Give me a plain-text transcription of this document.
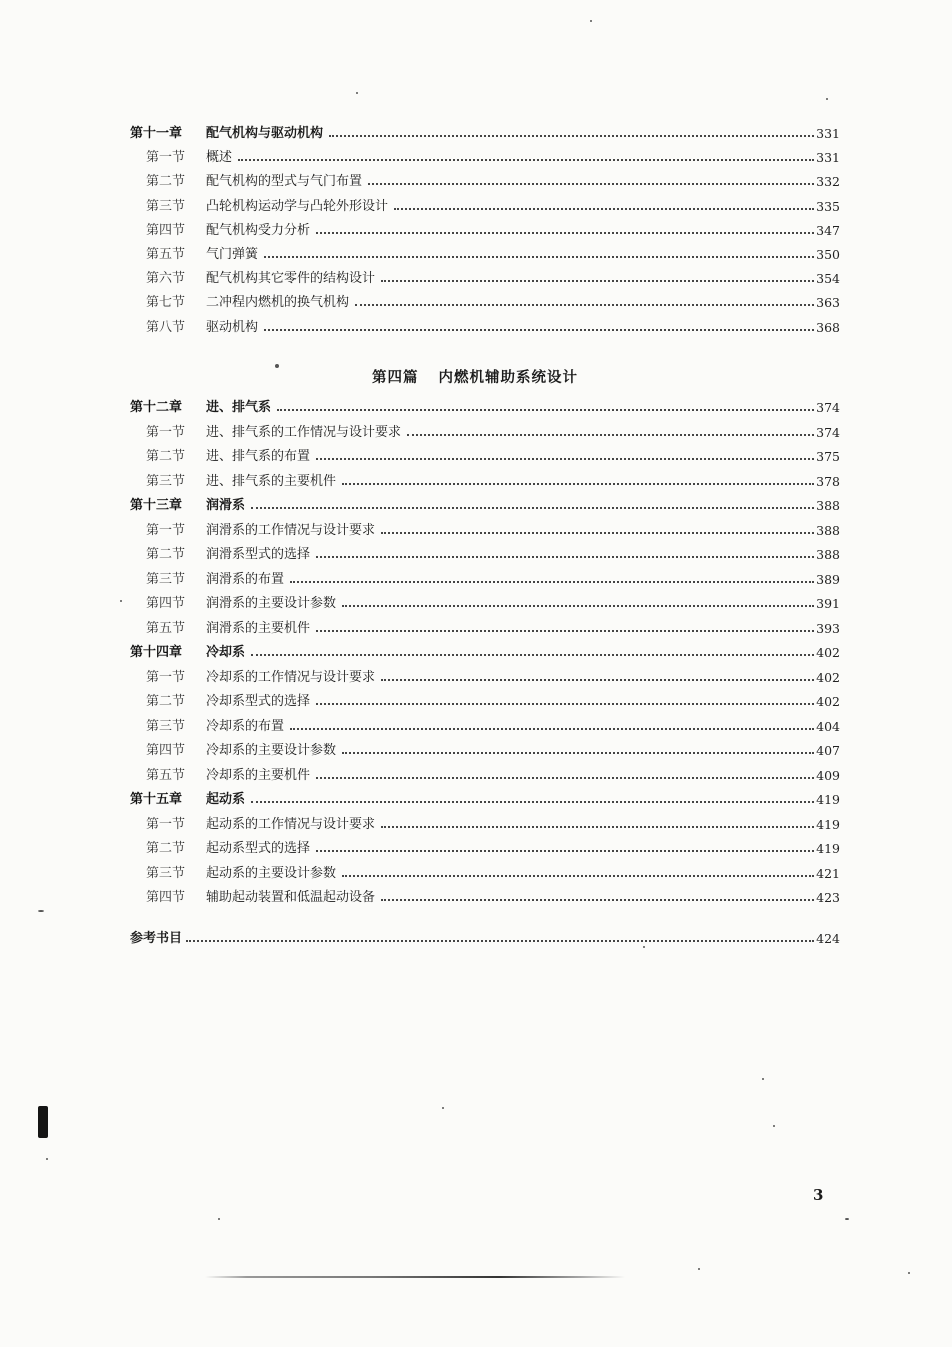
第十一章	配气机构与驱动机构	331
第一节	概述	331
第二节	配气机构的型式与气门布置	332
第三节	凸轮机构运动学与凸轮外形设计	335
第四节	配气机构受力分析	347
第五节	气门弹簧	350
第六节	配气机构其它零件的结构设计	354
第七节	二冲程内燃机的换气机构	363
第八节	驱动机构	368
第四篇 内燃机辅助系统设计
第十二章	进、排气系	374
第一节	进、排气系的工作情况与设计要求	374
第二节	进、排气系的布置	375
第三节	进、排气系的主要机件	378
第十三章	润滑系	388
第一节	润滑系的工作情况与设计要求	388
第二节	润滑系型式的选择	388
第三节	润滑系的布置	389
第四节	润滑系的主要设计参数	391
第五节	润滑系的主要机件	393
第十四章	冷却系	402
第一节	冷却系的工作情况与设计要求	402
第二节	冷却系型式的选择	402
第三节	冷却系的布置	404
第四节	冷却系的主要设计参数	407
第五节	冷却系的主要机件	409
第十五章	起动系	419
第一节	起动系的工作情况与设计要求	419
第二节	起动系型式的选择	419
第三节	起动系的主要设计参数	421
第四节	辅助起动装置和低温起动设备	423
参考书目	424
3
